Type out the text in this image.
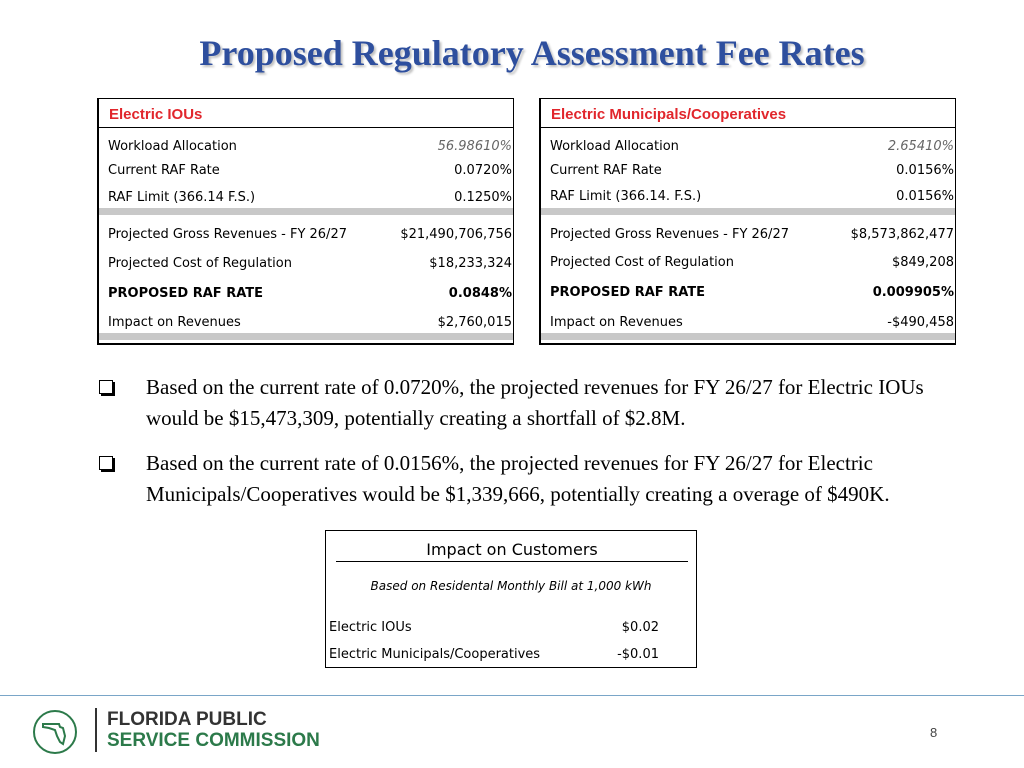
Proposed Regulatory Assessment Fee Rates
Electric IOUs
Workload Allocation	56.98610%
Current RAF Rate	0.0720%
RAF Limit (366.14 F.S.)	0.1250%
Projected Gross Revenues - FY 26/27	$21,490,706,756
Projected Cost of Regulation	$18,233,324
PROPOSED RAF RATE	0.0848%
Impact on Revenues	$2,760,015
Electric Municipals/Cooperatives
Workload Allocation	2.65410%
Current RAF Rate	0.0156%
RAF Limit (366.14. F.S.)	0.0156%
Projected Gross Revenues - FY 26/27	$8,573,862,477
Projected Cost of Regulation	$849,208
PROPOSED RAF RATE	0.009905%
Impact on Revenues	-$490,458
Based on the current rate of 0.0720%, the projected revenues for FY 26/27 for Electric IOUs would be $15,473,309, potentially creating a shortfall of $2.8M.
Based on the current rate of 0.0156%, the projected revenues for FY 26/27 for Electric Municipals/Cooperatives would be $1,339,666, potentially creating a overage of $490K.
Impact on Customers
Based on Residental Monthly Bill at 1,000 kWh
Electric IOUs	$0.02
Electric Municipals/Cooperatives	-$0.01
FLORIDA PUBLIC
SERVICE COMMISSION	8
